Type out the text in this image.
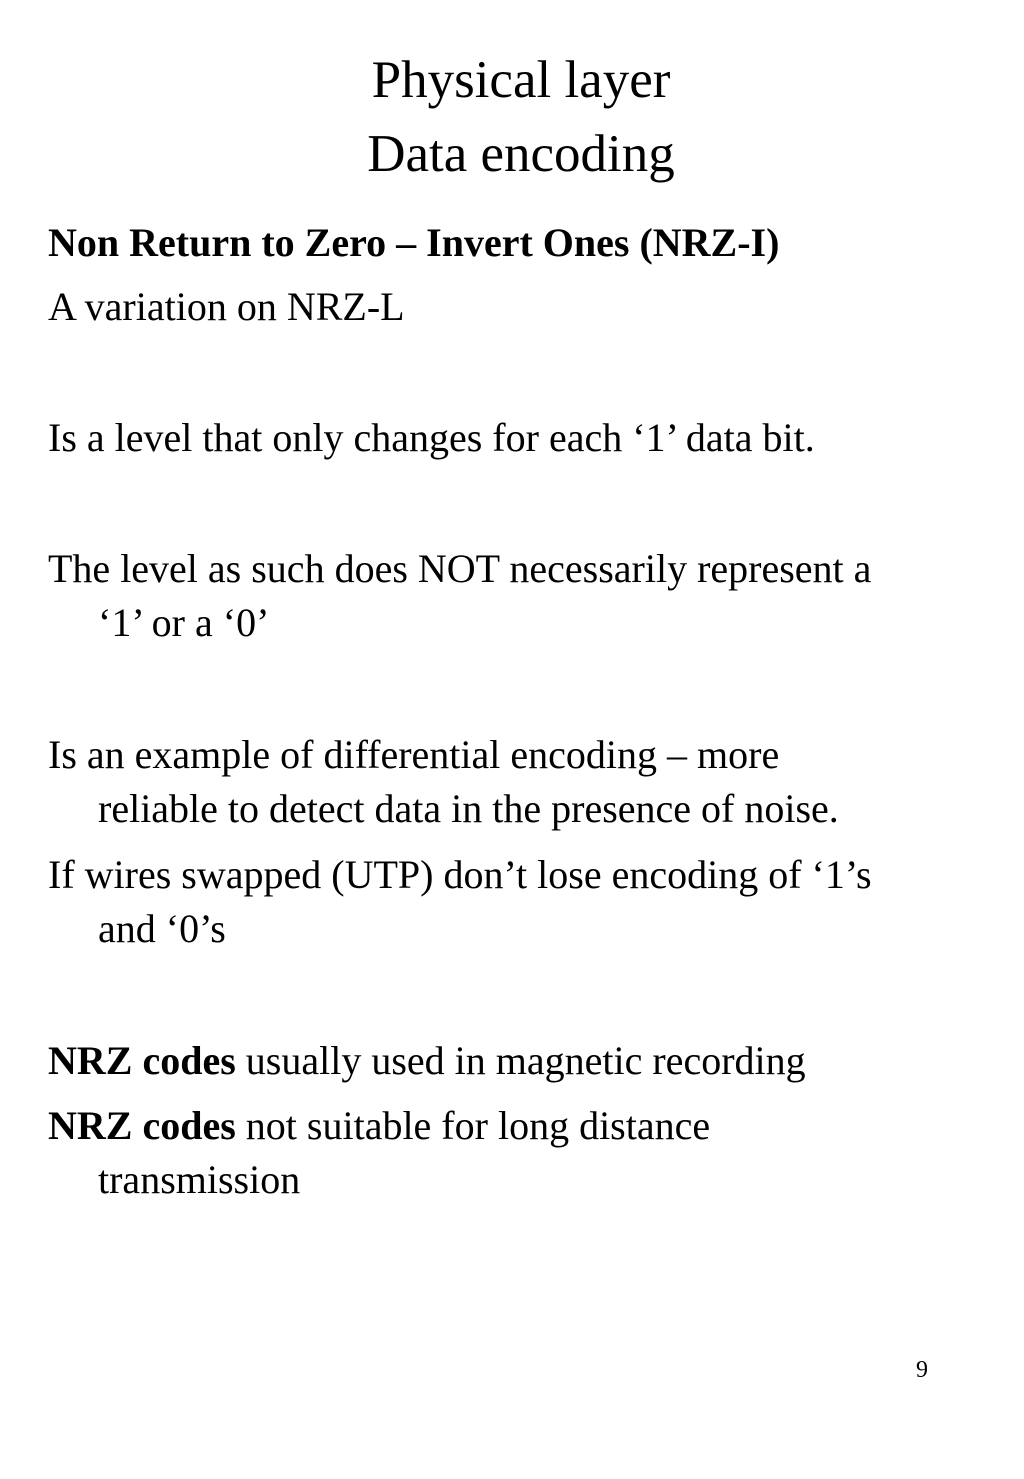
Physical layer
Data encoding
Non Return to Zero – Invert Ones (NRZ-I)
A variation on NRZ-L
Is a level that only changes for each ‘1’ data bit.
The level as such does NOT necessarily represent a
‘1’ or a ‘0’
Is an example of differential encoding – more
reliable to detect data in the presence of noise.
If wires swapped (UTP) don’t lose encoding of ‘1’s
and ‘0’s
NRZ codes usually used in magnetic recording
NRZ codes not suitable for long distance
transmission
9
